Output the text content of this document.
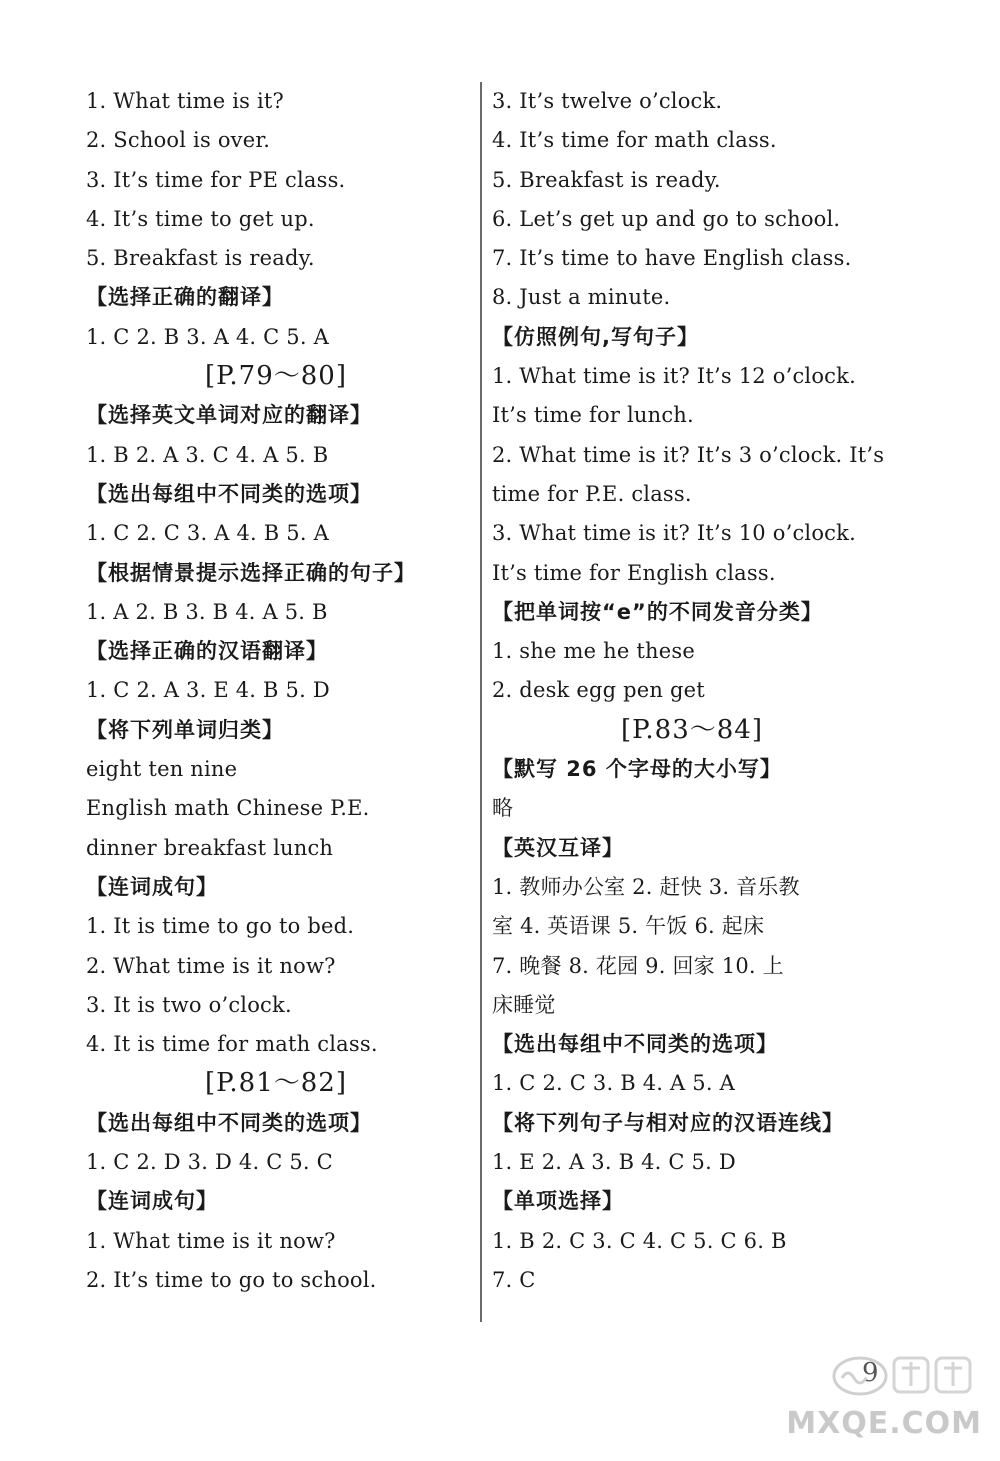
1. What time is it?
2. School is over.
3. It’s time for PE class.
4. It’s time to get up.
5. Breakfast is ready.
【选择正确的翻译】
1. C 2. B 3. A 4. C 5. A
[P.79～80]
【选择英文单词对应的翻译】
1. B 2. A 3. C 4. A 5. B
【选出每组中不同类的选项】
1. C 2. C 3. A 4. B 5. A
【根据情景提示选择正确的句子】
1. A 2. B 3. B 4. A 5. B
【选择正确的汉语翻译】
1. C 2. A 3. E 4. B 5. D
【将下列单词归类】
eight ten nine
English math Chinese P.E.
dinner breakfast lunch
【连词成句】
1. It is time to go to bed.
2. What time is it now?
3. It is two o’clock.
4. It is time for math class.
[P.81～82]
【选出每组中不同类的选项】
1. C 2. D 3. D 4. C 5. C
【连词成句】
1. What time is it now?
2. It’s time to go to school.
3. It’s twelve o’clock.
4. It’s time for math class.
5. Breakfast is ready.
6. Let’s get up and go to school.
7. It’s time to have English class.
8. Just a minute.
【仿照例句,写句子】
1. What time is it? It’s 12 o’clock.
It’s time for lunch.
2. What time is it? It’s 3 o’clock. It’s
time for P.E. class.
3. What time is it? It’s 10 o’clock.
It’s time for English class.
【把单词按“e”的不同发音分类】
1. she me he these
2. desk egg pen get
[P.83～84]
【默写 26 个字母的大小写】
略
【英汉互译】
1. 教师办公室 2. 赶快 3. 音乐教
室 4. 英语课 5. 午饭 6. 起床
7. 晚餐 8. 花园 9. 回家 10. 上
床睡觉
【选出每组中不同类的选项】
1. C 2. C 3. B 4. A 5. A
【将下列句子与相对应的汉语连线】
1. E 2. A 3. B 4. C 5. D
【单项选择】
1. B 2. C 3. C 4. C 5. C 6. B
7. C
9
MXQE.COM
